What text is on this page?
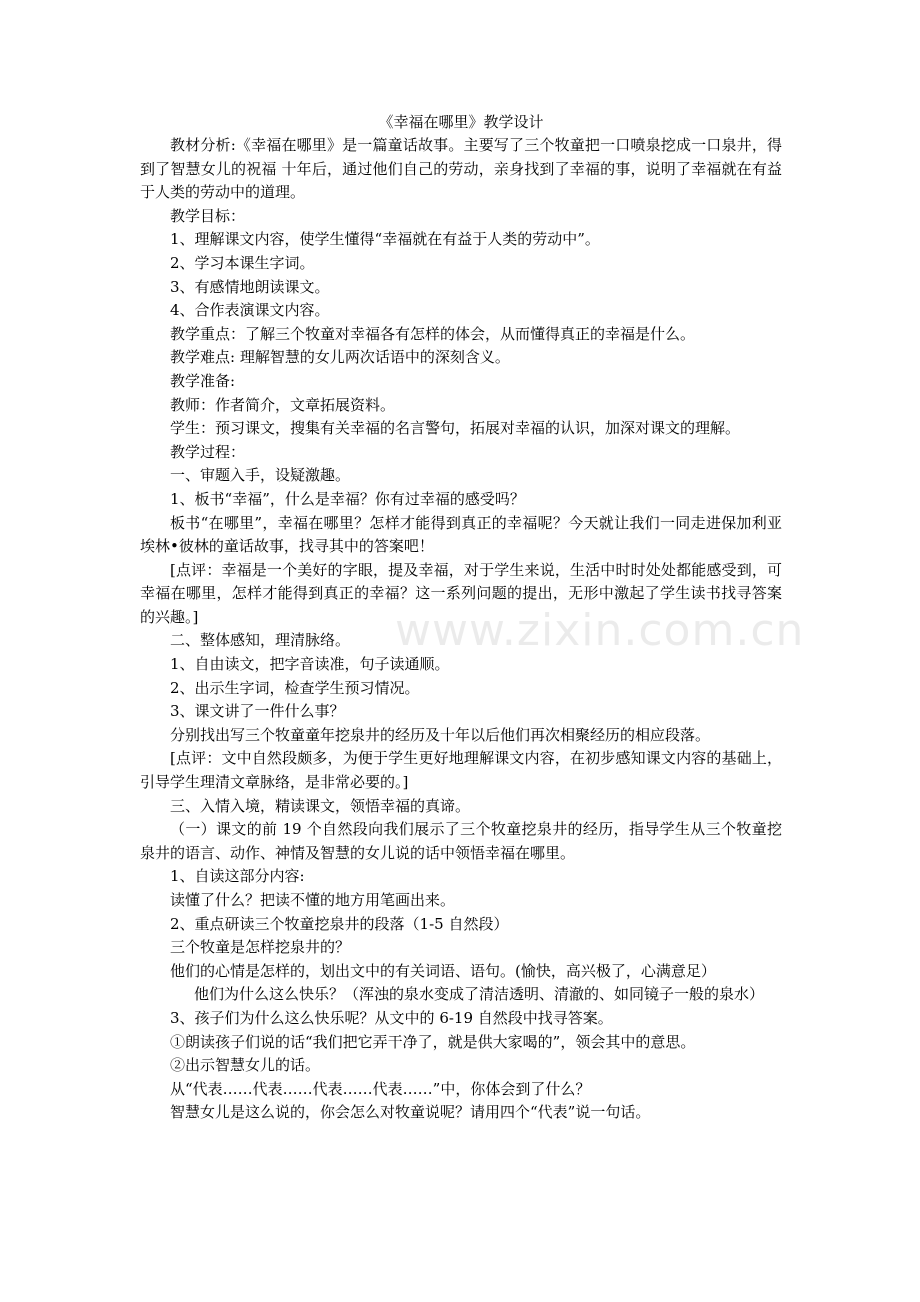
《幸福在哪里》教学设计

教材分析:《幸福在哪里》是一篇童话故事。主要写了三个牧童把一口喷泉挖成一口泉井，得到了智慧女儿的祝福 十年后，通过他们自己的劳动，亲身找到了幸福的事，说明了幸福就在有益于人类的劳动中的道理。

教学目标：

1、理解课文内容，使学生懂得“幸福就在有益于人类的劳动中”。

2、学习本课生字词。

3、有感情地朗读课文。

4、合作表演课文内容。

教学重点：了解三个牧童对幸福各有怎样的体会，从而懂得真正的幸福是什么。

教学难点: 理解智慧的女儿两次话语中的深刻含义。

教学准备:

教师：作者简介，文章拓展资料。

学生：预习课文，搜集有关幸福的名言警句，拓展对幸福的认识，加深对课文的理解。

教学过程：

一、审题入手，设疑激趣。

1、板书“幸福”，什么是幸福？你有过幸福的感受吗？

板书“在哪里”，幸福在哪里？怎样才能得到真正的幸福呢？今天就让我们一同走进保加利亚埃林•彼林的童话故事，找寻其中的答案吧！

[点评：幸福是一个美好的字眼，提及幸福，对于学生来说，生活中时时处处都能感受到，可幸福在哪里，怎样才能得到真正的幸福？这一系列问题的提出，无形中激起了学生读书找寻答案的兴趣。]

二、整体感知，理清脉络。

1、自由读文，把字音读准，句子读通顺。

2、出示生字词，检查学生预习情况。

3、课文讲了一件什么事？

分别找出写三个牧童童年挖泉井的经历及十年以后他们再次相聚经历的相应段落。

[点评：文中自然段颇多，为便于学生更好地理解课文内容，在初步感知课文内容的基础上，引导学生理清文章脉络，是非常必要的。]

三、入情入境，精读课文，领悟幸福的真谛。

（一）课文的前 19 个自然段向我们展示了三个牧童挖泉井的经历，指导学生从三个牧童挖泉井的语言、动作、神情及智慧的女儿说的话中领悟幸福在哪里。

1、自读这部分内容:

读懂了什么？把读不懂的地方用笔画出来。

2、重点研读三个牧童挖泉井的段落（1-5 自然段）

三个牧童是怎样挖泉井的？

他们的心情是怎样的，划出文中的有关词语、语句。(愉快，高兴极了，心满意足）

他们为什么这么快乐？（浑浊的泉水变成了清洁透明、清澈的、如同镜子一般的泉水）

3、孩子们为什么这么快乐呢？从文中的 6-19 自然段中找寻答案。

①朗读孩子们说的话“我们把它弄干净了，就是供大家喝的”，领会其中的意思。

②出示智慧女儿的话。

从“代表……代表……代表……代表……”中，你体会到了什么？

智慧女儿是这么说的，你会怎么对牧童说呢？请用四个“代表”说一句话。

www.zixin.com.cn
